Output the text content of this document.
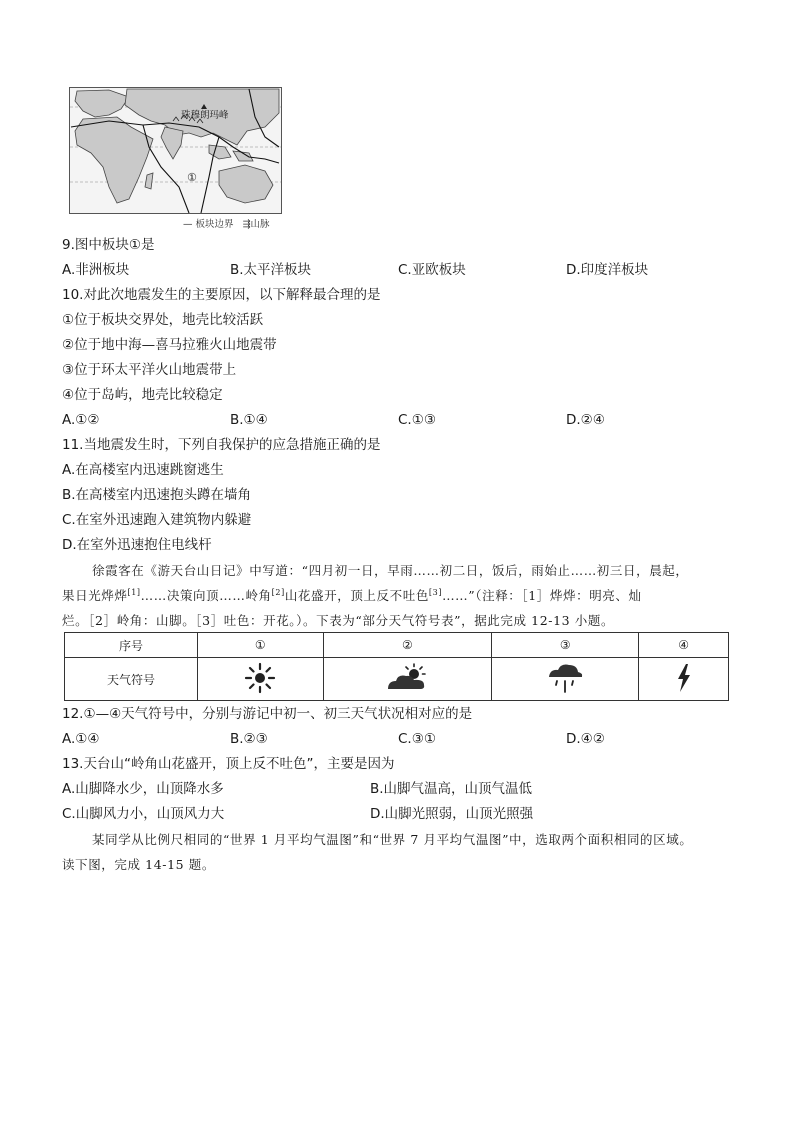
珠穆朗玛峰
①
— 板块边界 ⇶山脉
9.图中板块①是
A.非洲板块	B.太平洋板块	C.亚欧板块	D.印度洋板块
10.对此次地震发生的主要原因，以下解释最合理的是
①位于板块交界处，地壳比较活跃
②位于地中海—喜马拉雅火山地震带
③位于环太平洋火山地震带上
④位于岛屿，地壳比较稳定
A.①②	B.①④	C.①③	D.②④
11.当地震发生时，下列自我保护的应急措施正确的是
A.在高楼室内迅速跳窗逃生
B.在高楼室内迅速抱头蹲在墙角
C.在室外迅速跑入建筑物内躲避
D.在室外迅速抱住电线杆
徐霞客在《游天台山日记》中写道：“四月初一日，早雨……初二日，饭后，雨始止……初三日，晨起，
果日光烨烨[1]……决策向顶……岭角[2]山花盛开，顶上反不吐色[3]……”（注释：［1］烨烨：明亮、灿
烂。［2］岭角：山脚。［3］吐色：开花。）。下表为“部分天气符号表”，据此完成 12-13 小题。
序号	①	②	③	④
天气符号				
12.①—④天气符号中，分别与游记中初一、初三天气状况相对应的是
A.①④	B.②③	C.③①	D.④②
13.天台山“岭角山花盛开，顶上反不吐色”，主要是因为
A.山脚降水少，山顶降水多	B.山脚气温高，山顶气温低
C.山脚风力小，山顶风力大	D.山脚光照弱，山顶光照强
某同学从比例尺相同的“世界 1 月平均气温图”和“世界 7 月平均气温图”中，选取两个面积相同的区域。
读下图，完成 14-15 题。
